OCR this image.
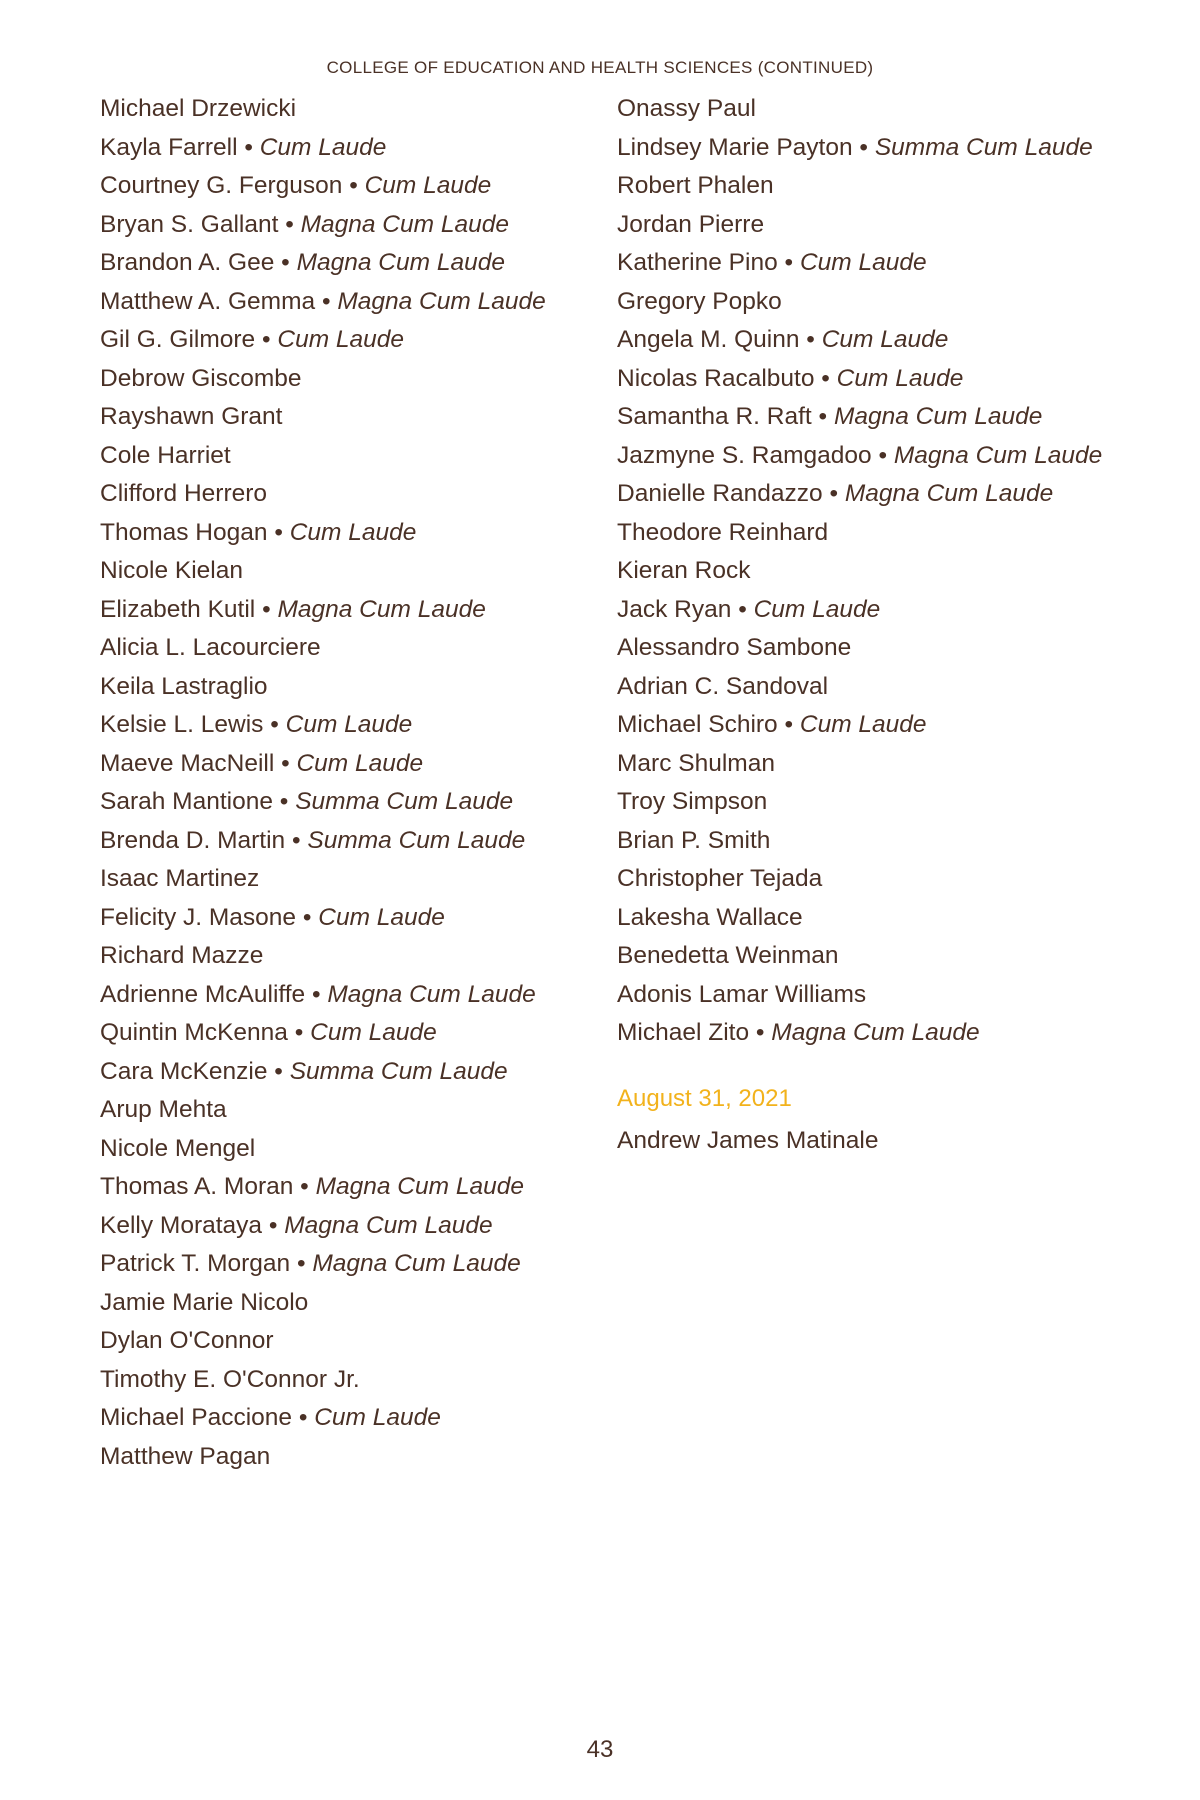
COLLEGE OF EDUCATION AND HEALTH SCIENCES (CONTINUED)
Michael Drzewicki
Kayla Farrell • Cum Laude
Courtney G. Ferguson • Cum Laude
Bryan S. Gallant • Magna Cum Laude
Brandon A. Gee • Magna Cum Laude
Matthew A. Gemma • Magna Cum Laude
Gil G. Gilmore • Cum Laude
Debrow Giscombe
Rayshawn Grant
Cole Harriet
Clifford Herrero
Thomas Hogan • Cum Laude
Nicole Kielan
Elizabeth Kutil • Magna Cum Laude
Alicia L. Lacourciere
Keila Lastraglio
Kelsie L. Lewis • Cum Laude
Maeve MacNeill • Cum Laude
Sarah Mantione • Summa Cum Laude
Brenda D. Martin • Summa Cum Laude
Isaac Martinez
Felicity J. Masone • Cum Laude
Richard Mazze
Adrienne McAuliffe • Magna Cum Laude
Quintin McKenna • Cum Laude
Cara McKenzie • Summa Cum Laude
Arup Mehta
Nicole Mengel
Thomas A. Moran • Magna Cum Laude
Kelly Morataya • Magna Cum Laude
Patrick T. Morgan • Magna Cum Laude
Jamie Marie Nicolo
Dylan O'Connor
Timothy E. O'Connor Jr.
Michael Paccione • Cum Laude
Matthew Pagan
Onassy Paul
Lindsey Marie Payton • Summa Cum Laude
Robert Phalen
Jordan Pierre
Katherine Pino • Cum Laude
Gregory Popko
Angela M. Quinn • Cum Laude
Nicolas Racalbuto • Cum Laude
Samantha R. Raft • Magna Cum Laude
Jazmyne S. Ramgadoo • Magna Cum Laude
Danielle Randazzo • Magna Cum Laude
Theodore Reinhard
Kieran Rock
Jack Ryan • Cum Laude
Alessandro Sambone
Adrian C. Sandoval
Michael Schiro • Cum Laude
Marc Shulman
Troy Simpson
Brian P. Smith
Christopher Tejada
Lakesha Wallace
Benedetta Weinman
Adonis Lamar Williams
Michael Zito • Magna Cum Laude
August 31, 2021
Andrew James Matinale
43
